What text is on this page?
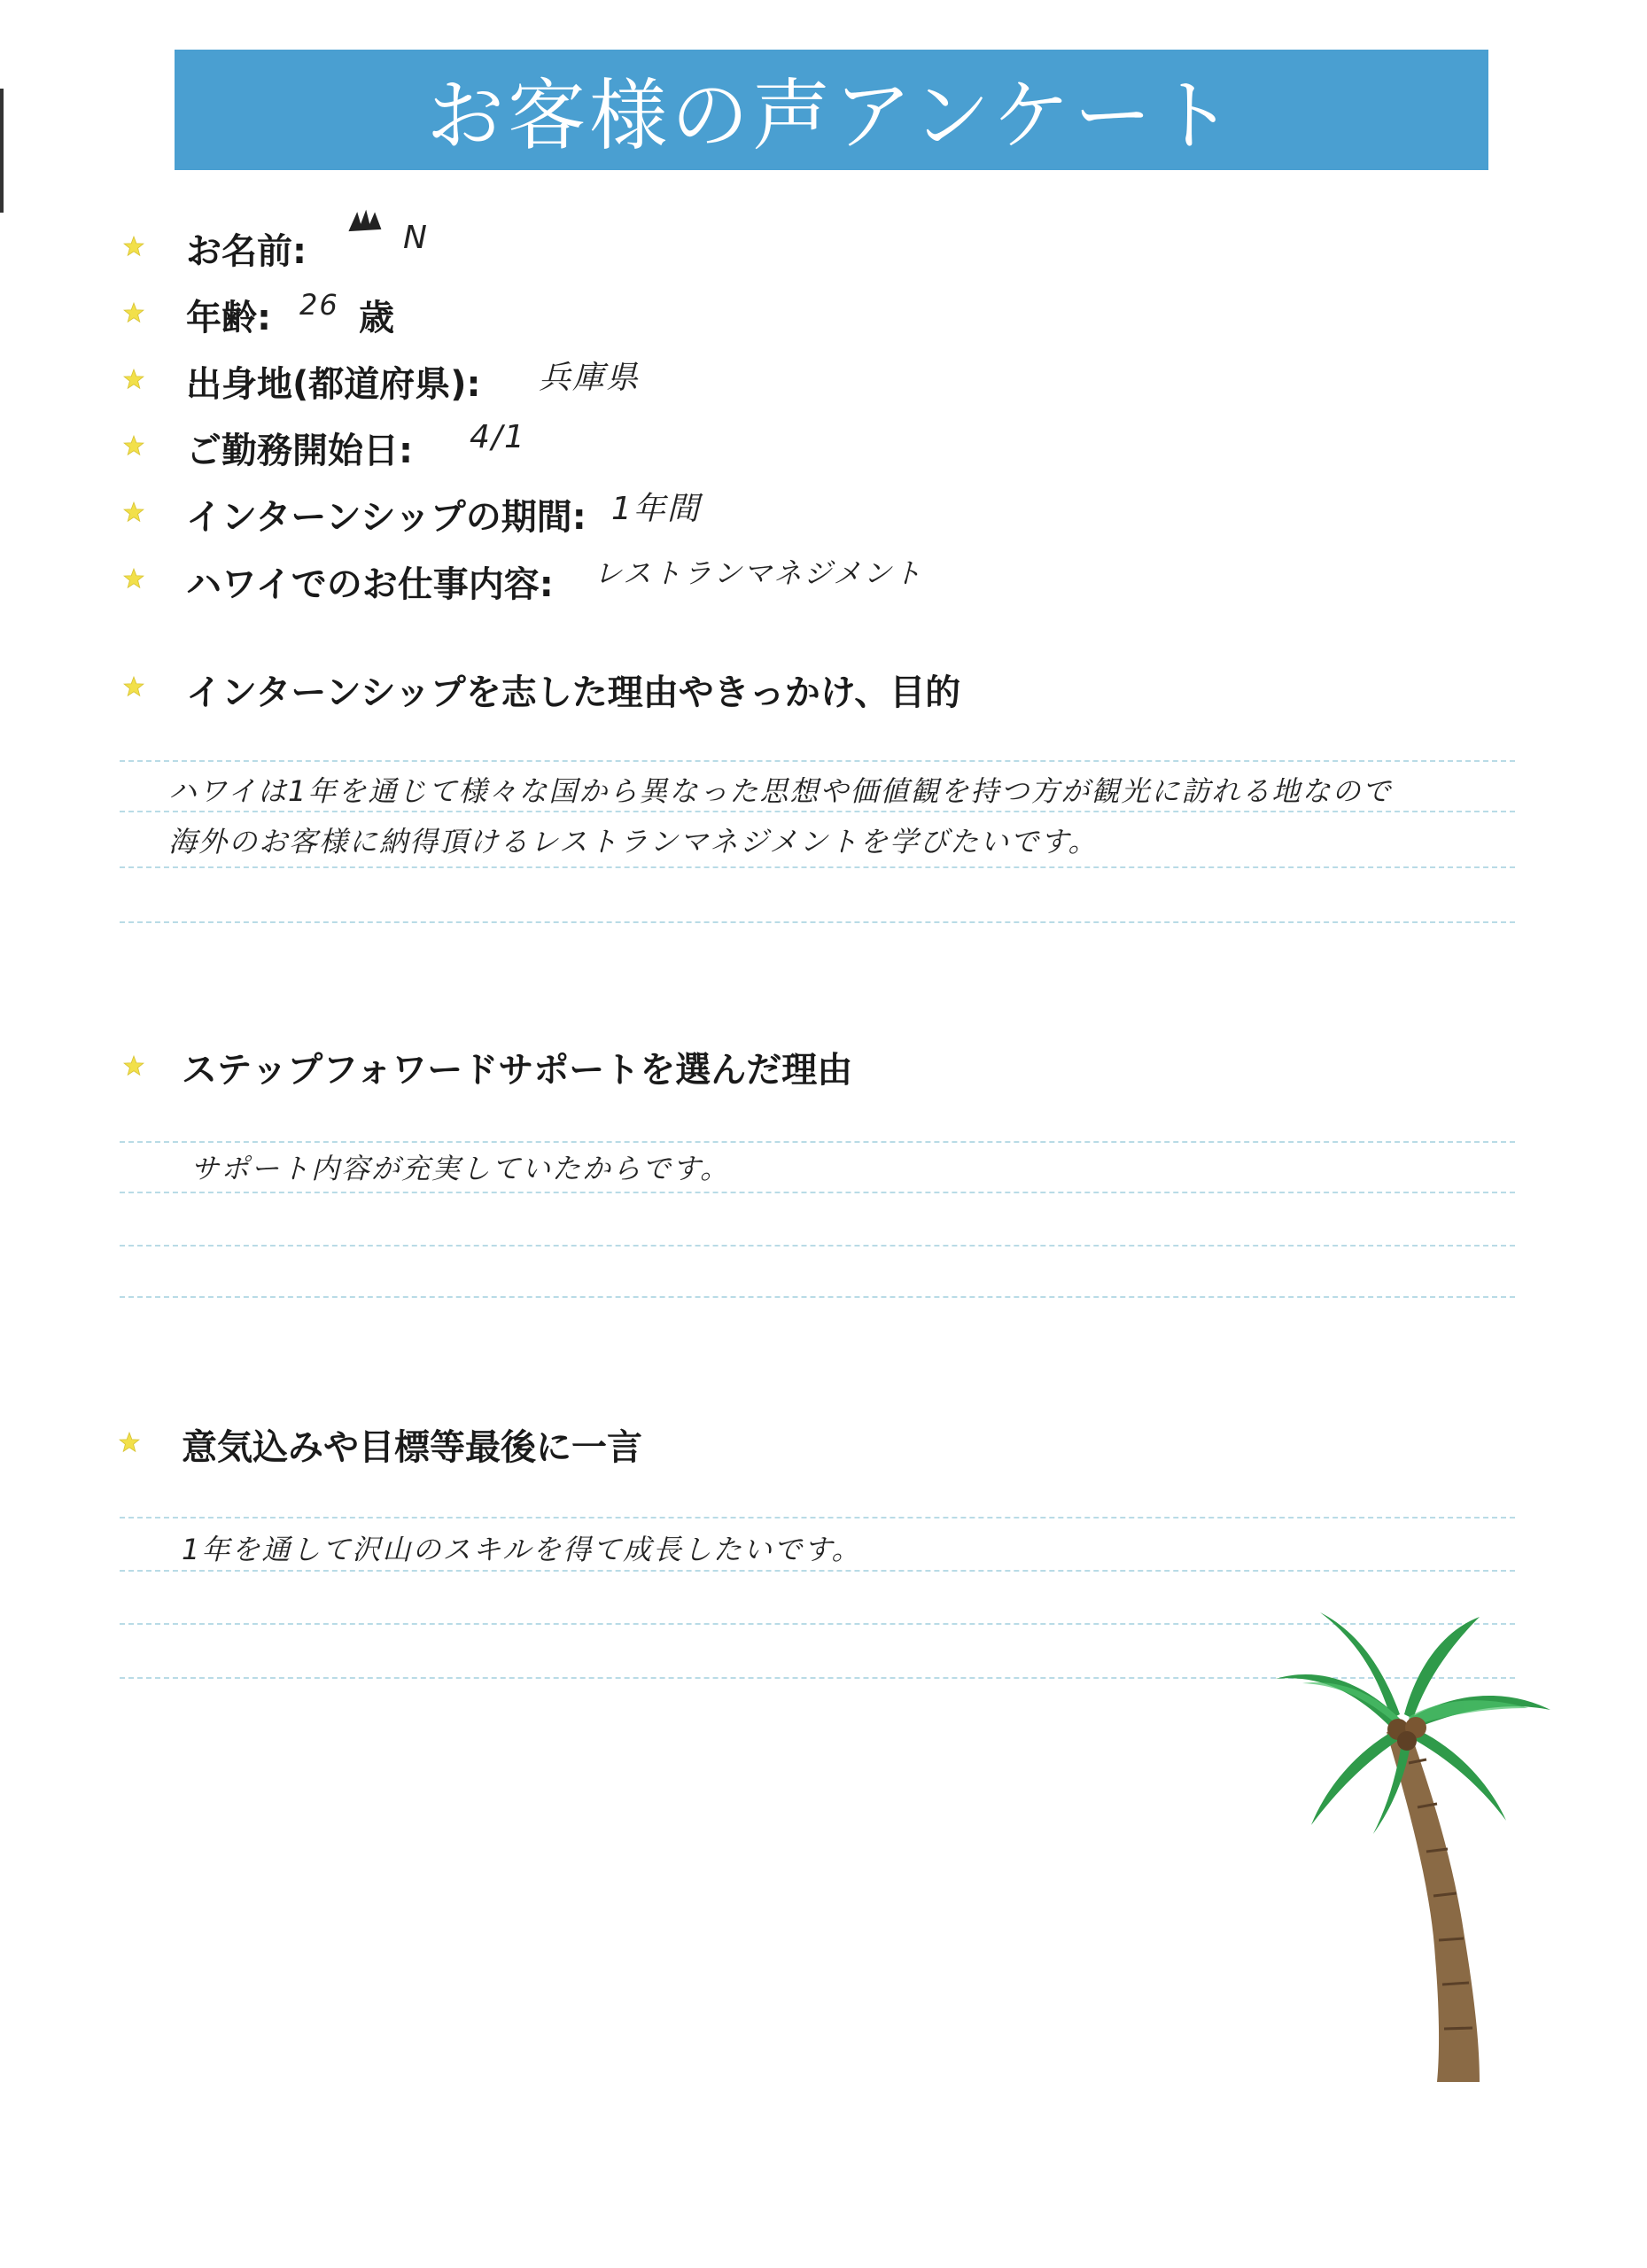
お客様の声アンケート
お名前:	N
年齢: 26 歳
出身地(都道府県): 兵庫県
ご勤務開始日: 4/1
インターンシップの期間: 1年間
ハワイでのお仕事内容: レストランマネジメント
インターンシップを志した理由やきっかけ、目的
ハワイは1年を通じて様々な国から異なった思想や価値観を持つ方が観光に訪れる地なので
海外のお客様に納得頂けるレストランマネジメントを学びたいです。
ステップフォワードサポートを選んだ理由
サポート内容が充実していたからです。
意気込みや目標等最後に一言
1年を通して沢山のスキルを得て成長したいです。
